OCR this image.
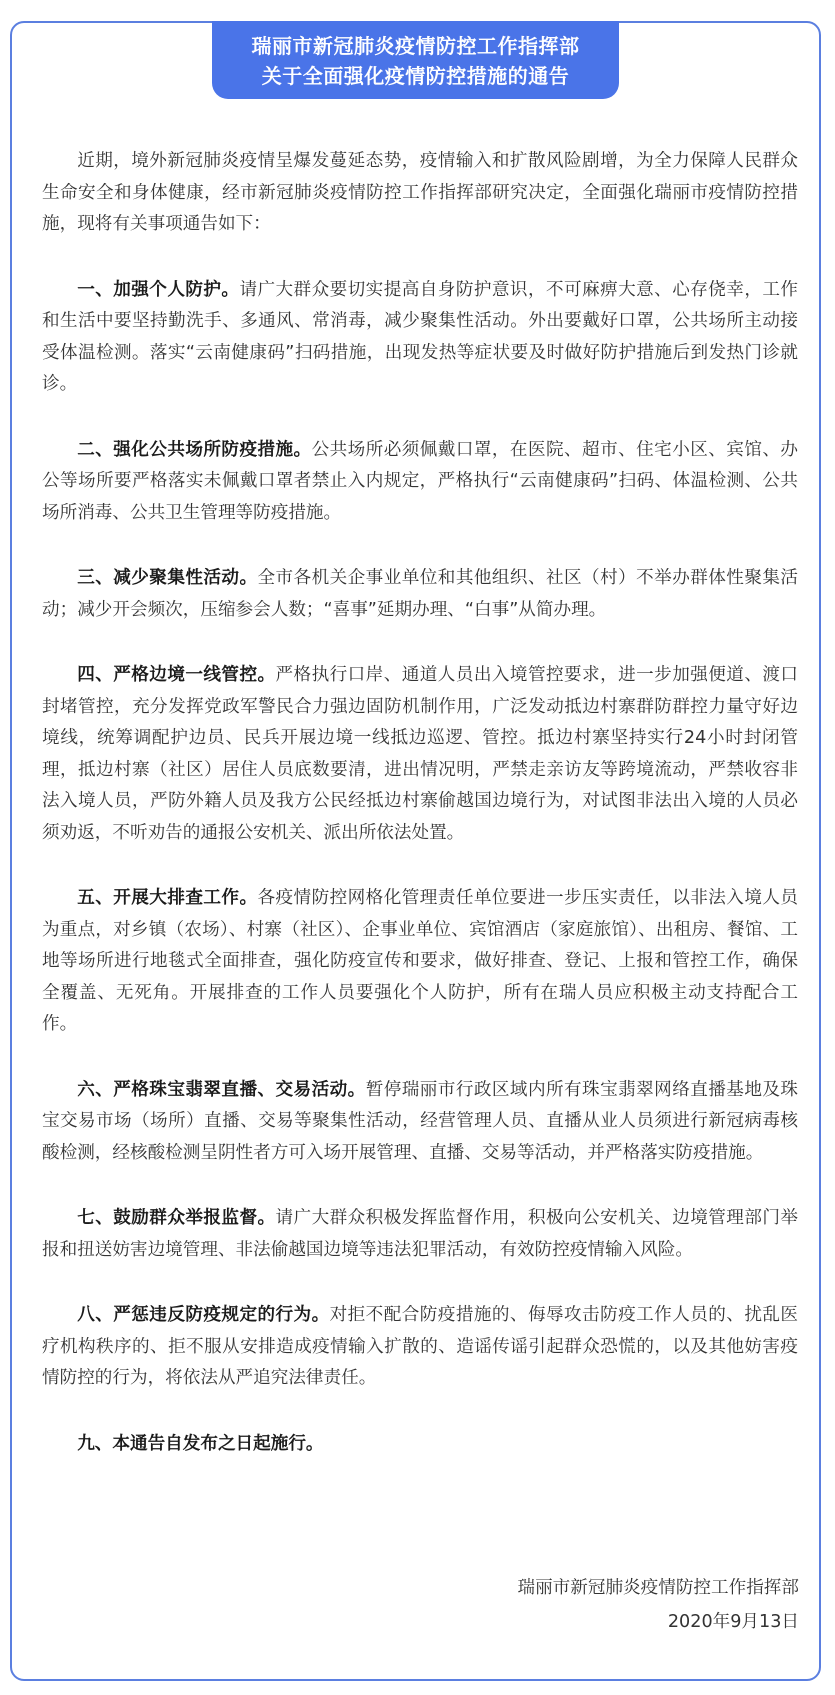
瑞丽市新冠肺炎疫情防控工作指挥部

关于全面强化疫情防控措施的通告

近期，境外新冠肺炎疫情呈爆发蔓延态势，疫情输入和扩散风险剧增，为全力保障人民群众生命安全和身体健康，经市新冠肺炎疫情防控工作指挥部研究决定，全面强化瑞丽市疫情防控措施，现将有关事项通告如下：

一、加强个人防护。请广大群众要切实提高自身防护意识，不可麻痹大意、心存侥幸，工作和生活中要坚持勤洗手、多通风、常消毒，减少聚集性活动。外出要戴好口罩，公共场所主动接受体温检测。落实“云南健康码”扫码措施，出现发热等症状要及时做好防护措施后到发热门诊就诊。

二、强化公共场所防疫措施。公共场所必须佩戴口罩，在医院、超市、住宅小区、宾馆、办公等场所要严格落实未佩戴口罩者禁止入内规定，严格执行“云南健康码”扫码、体温检测、公共场所消毒、公共卫生管理等防疫措施。

三、减少聚集性活动。全市各机关企事业单位和其他组织、社区（村）不举办群体性聚集活动；减少开会频次，压缩参会人数；“喜事”延期办理、“白事”从简办理。

四、严格边境一线管控。严格执行口岸、通道人员出入境管控要求，进一步加强便道、渡口封堵管控，充分发挥党政军警民合力强边固防机制作用，广泛发动抵边村寨群防群控力量守好边境线，统筹调配护边员、民兵开展边境一线抵边巡逻、管控。抵边村寨坚持实行24小时封闭管理，抵边村寨（社区）居住人员底数要清，进出情况明，严禁走亲访友等跨境流动，严禁收容非法入境人员，严防外籍人员及我方公民经抵边村寨偷越国边境行为，对试图非法出入境的人员必须劝返，不听劝告的通报公安机关、派出所依法处置。

五、开展大排查工作。各疫情防控网格化管理责任单位要进一步压实责任，以非法入境人员为重点，对乡镇（农场）、村寨（社区）、企事业单位、宾馆酒店（家庭旅馆）、出租房、餐馆、工地等场所进行地毯式全面排查，强化防疫宣传和要求，做好排查、登记、上报和管控工作，确保全覆盖、无死角。开展排查的工作人员要强化个人防护，所有在瑞人员应积极主动支持配合工作。

六、严格珠宝翡翠直播、交易活动。暂停瑞丽市行政区域内所有珠宝翡翠网络直播基地及珠宝交易市场（场所）直播、交易等聚集性活动，经营管理人员、直播从业人员须进行新冠病毒核酸检测，经核酸检测呈阴性者方可入场开展管理、直播、交易等活动，并严格落实防疫措施。

七、鼓励群众举报监督。请广大群众积极发挥监督作用，积极向公安机关、边境管理部门举报和扭送妨害边境管理、非法偷越国边境等违法犯罪活动，有效防控疫情输入风险。

八、严惩违反防疫规定的行为。对拒不配合防疫措施的、侮辱攻击防疫工作人员的、扰乱医疗机构秩序的、拒不服从安排造成疫情输入扩散的、造谣传谣引起群众恐慌的，以及其他妨害疫情防控的行为，将依法从严追究法律责任。

九、本通告自发布之日起施行。

瑞丽市新冠肺炎疫情防控工作指挥部
2020年9月13日
